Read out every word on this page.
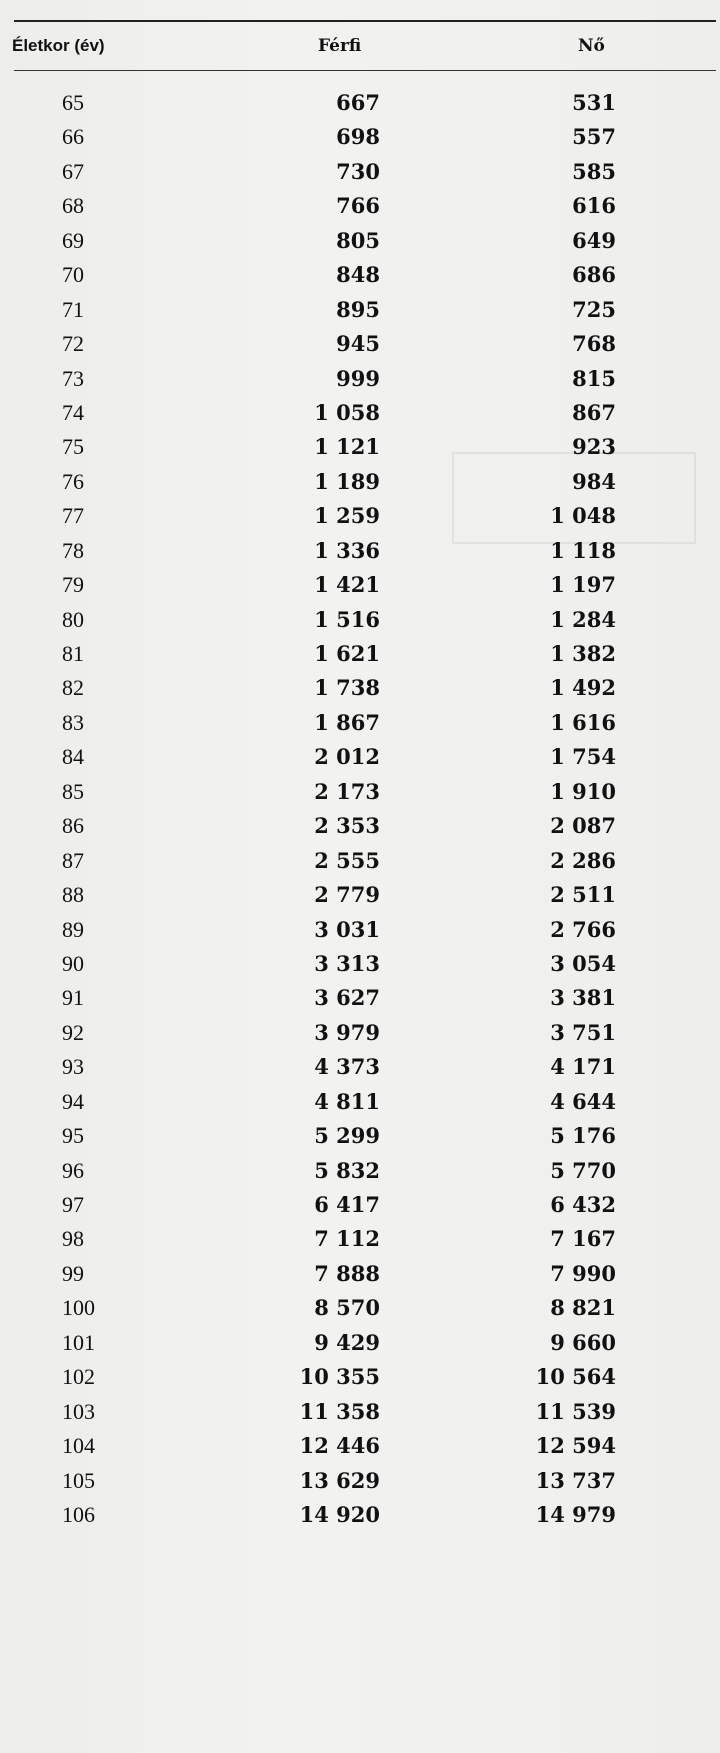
Életkor (év)	Férfi	Nő
65	667	531
66	698	557
67	730	585
68	766	616
69	805	649
70	848	686
71	895	725
72	945	768
73	999	815
74	1 058	867
75	1 121	923
76	1 189	984
77	1 259	1 048
78	1 336	1 118
79	1 421	1 197
80	1 516	1 284
81	1 621	1 382
82	1 738	1 492
83	1 867	1 616
84	2 012	1 754
85	2 173	1 910
86	2 353	2 087
87	2 555	2 286
88	2 779	2 511
89	3 031	2 766
90	3 313	3 054
91	3 627	3 381
92	3 979	3 751
93	4 373	4 171
94	4 811	4 644
95	5 299	5 176
96	5 832	5 770
97	6 417	6 432
98	7 112	7 167
99	7 888	7 990
100	8 570	8 821
101	9 429	9 660
102	10 355	10 564
103	11 358	11 539
104	12 446	12 594
105	13 629	13 737
106	14 920	14 979
